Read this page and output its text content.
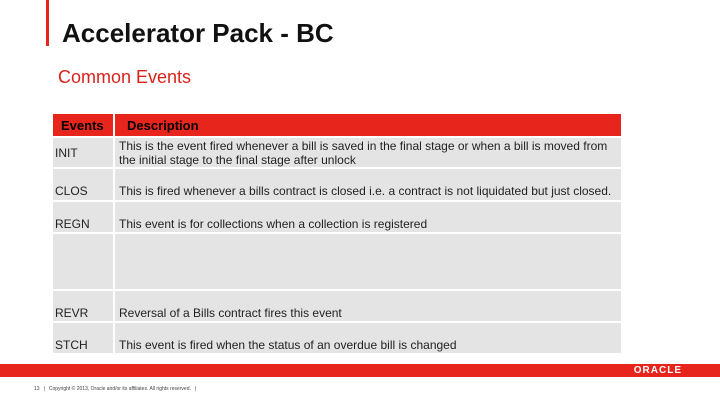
Accelerator Pack - BC
Common Events
Events	Description

INIT	This is the event fired whenever a bill is saved in the final stage or when a bill is moved from the initial stage to the final stage after unlock
CLOS	This is fired whenever a bills contract is closed i.e. a contract is not liquidated but just closed.
REGN	This event is for collections when a collection is registered

REVR	Reversal of a Bills contract fires this event
STCH	This event is fired when the status of an overdue bill is changed
ORACLE
13 | Copyright © 2013, Oracle and/or its affiliates. All rights reserved. |
